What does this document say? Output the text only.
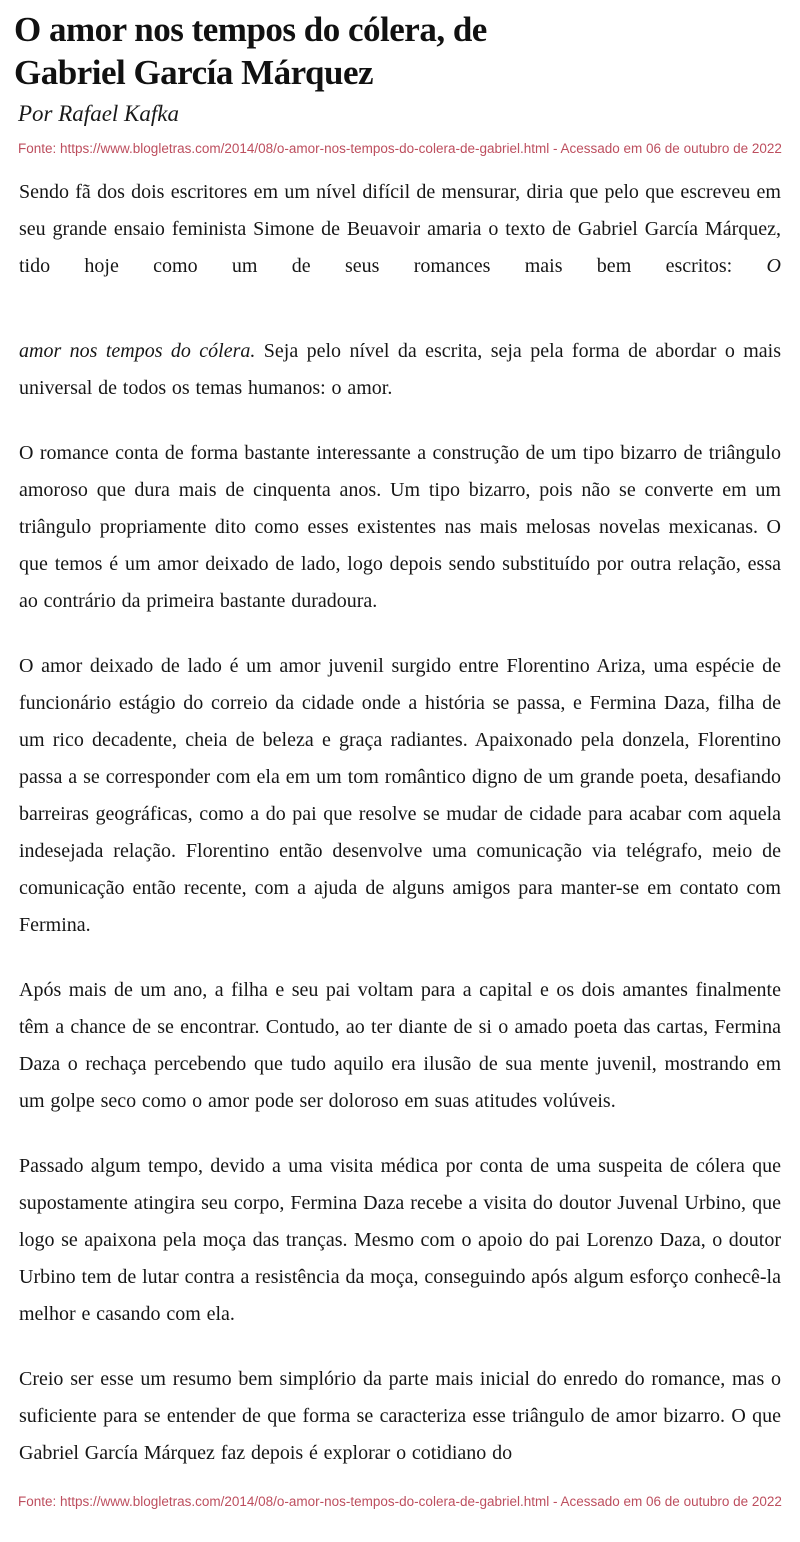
O amor nos tempos do cólera, de
Gabriel García Márquez
Por Rafael Kafka
Fonte: https://www.blogletras.com/2014/08/o-amor-nos-tempos-do-colera-de-gabriel.html - Acessado em 06 de outubro de 2022

Sendo fã dos dois escritores em um nível difícil de mensurar, diria que pelo que escreveu em seu grande ensaio feminista Simone de Beuavoir amaria o texto de Gabriel García Márquez, tido hoje como um de seus romances mais bem escritos: O

amor nos tempos do cólera. Seja pelo nível da escrita, seja pela forma de abordar o mais universal de todos os temas humanos: o amor.

O romance conta de forma bastante interessante a construção de um tipo bizarro de triângulo amoroso que dura mais de cinquenta anos. Um tipo bizarro, pois não se converte em um triângulo propriamente dito como esses existentes nas mais melosas novelas mexicanas. O que temos é um amor deixado de lado, logo depois sendo substituído por outra relação, essa ao contrário da primeira bastante duradoura.

O amor deixado de lado é um amor juvenil surgido entre Florentino Ariza, uma espécie de funcionário estágio do correio da cidade onde a história se passa, e Fermina Daza, filha de um rico decadente, cheia de beleza e graça radiantes. Apaixonado pela donzela, Florentino passa a se corresponder com ela em um tom romântico digno de um grande poeta, desafiando barreiras geográficas, como a do pai que resolve se mudar de cidade para acabar com aquela indesejada relação. Florentino então desenvolve uma comunicação via telégrafo, meio de comunicação então recente, com a ajuda de alguns amigos para manter-se em contato com Fermina.

Após mais de um ano, a filha e seu pai voltam para a capital e os dois amantes finalmente têm a chance de se encontrar. Contudo, ao ter diante de si o amado poeta das cartas, Fermina Daza o rechaça percebendo que tudo aquilo era ilusão de sua mente juvenil, mostrando em um golpe seco como o amor pode ser doloroso em suas atitudes volúveis.

Passado algum tempo, devido a uma visita médica por conta de uma suspeita de cólera que supostamente atingira seu corpo, Fermina Daza recebe a visita do doutor Juvenal Urbino, que logo se apaixona pela moça das tranças. Mesmo com o apoio do pai Lorenzo Daza, o doutor Urbino tem de lutar contra a resistência da moça, conseguindo após algum esforço conhecê-la melhor e casando com ela.

Creio ser esse um resumo bem simplório da parte mais inicial do enredo do romance, mas o suficiente para se entender de que forma se caracteriza esse triângulo de amor bizarro. O que Gabriel García Márquez faz depois é explorar o cotidiano do

Fonte: https://www.blogletras.com/2014/08/o-amor-nos-tempos-do-colera-de-gabriel.html - Acessado em 06 de outubro de 2022
